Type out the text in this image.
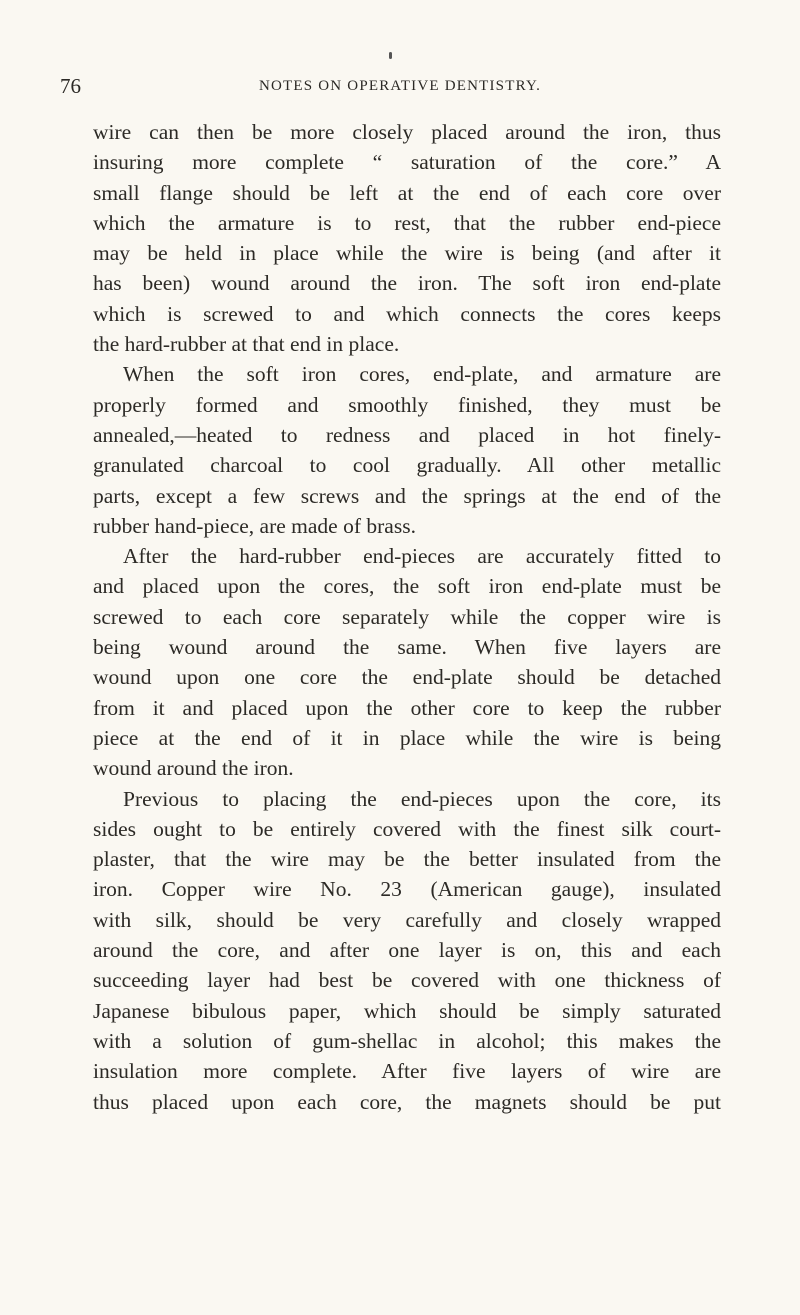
76	NOTES ON OPERATIVE DENTISTRY.
wire can then be more closely placed around the iron, thus
insuring more complete “ saturation of the core.” A
small flange should be left at the end of each core over
which the armature is to rest, that the rubber end-piece
may be held in place while the wire is being (and after it
has been) wound around the iron. The soft iron end-plate
which is screwed to and which connects the cores keeps
the hard-rubber at that end in place.
When the soft iron cores, end-plate, and armature are
properly formed and smoothly finished, they must be
annealed,—heated to redness and placed in hot finely-
granulated charcoal to cool gradually. All other metallic
parts, except a few screws and the springs at the end of the
rubber hand-piece, are made of brass.
After the hard-rubber end-pieces are accurately fitted to
and placed upon the cores, the soft iron end-plate must be
screwed to each core separately while the copper wire is
being wound around the same. When five layers are
wound upon one core the end-plate should be detached
from it and placed upon the other core to keep the rubber
piece at the end of it in place while the wire is being
wound around the iron.
Previous to placing the end-pieces upon the core, its
sides ought to be entirely covered with the finest silk court-
plaster, that the wire may be the better insulated from the
iron. Copper wire No. 23 (American gauge), insulated
with silk, should be very carefully and closely wrapped
around the core, and after one layer is on, this and each
succeeding layer had best be covered with one thickness of
Japanese bibulous paper, which should be simply saturated
with a solution of gum-shellac in alcohol; this makes the
insulation more complete. After five layers of wire are
thus placed upon each core, the magnets should be put
